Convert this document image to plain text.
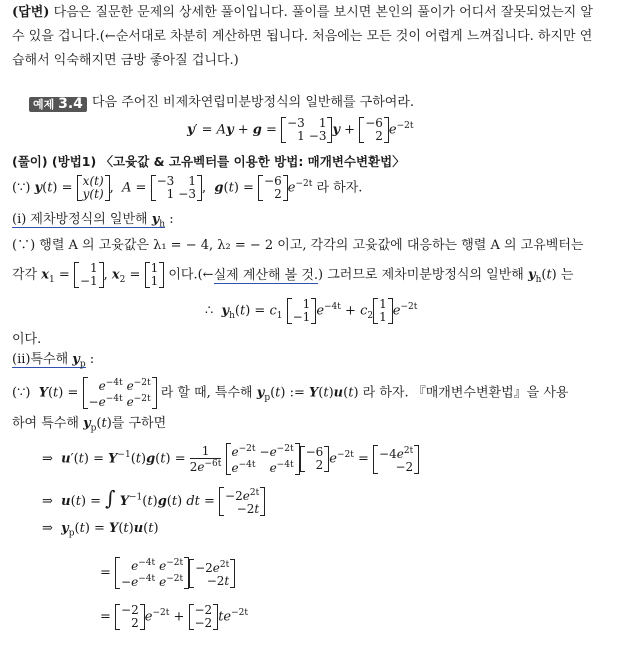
(답변) 다음은 질문한 문제의 상세한 풀이입니다. 풀이를 보시면 본인의 풀이가 어디서 잘못되었는지 알
수 있을 겁니다.(←순서대로 차분히 계산하면 됩니다. 처음에는 모든 것이 어렵게 느껴집니다. 하지만 연
습해서 익숙해지면 금방 좋아질 겁니다.)
예제 3.4 다음 주어진 비제차연립미분방정식의 일반해를 구하여라.
y′ = Ay + g = −3	1
1	−3 y + −6
2 $e^{-2t}$
(풀이) (방법1) 〈고윳값 & 고유벡터를 이용한 방법: 매개변수변환법〉
(∵) y(t) = x(t)
y(t) ,  A = −3	1
1	−3 ,  g(t) = −6
2 $e^{-2t}$ 라 하자.
(i) 제차방정식의 일반해 $y_h$ :
(∵) 행렬 A 의 고윳값은 λ₁ = − 4, λ₂ = − 2 이고, 각각의 고윳값에 대응하는 행렬 A 의 고유벡터는
각각 $x_1 = 1$
−1 , $x_2 = 1$
1 이다.(←실제 계산해 볼 것.) 그러므로 제차미분방정식의 일반해 $y_h(t)$ 는
∴  $y_h(t) = c_1$
1
−1 $e^{-4t} + c_2$
1
1 $e^{-2t}$
이다.
(ii)특수해 $y_p$ :
(∵)  $Y(t) = e^{-4t}$	$e^{-2t}$
$-e^{-4t}$	$e^{-2t}$ 라 할 때, 특수해 $y_p(t)$ := Y(t)u(t) 라 하자. 『매개변수변환법』을 사용
하여 특수해 $y_p(t)$를 구하면
⇒  $u'(t) = Y^{-1}(t)g(t) = \frac{1}{2e^{-6t}}$
$e^{-2t}$	$-e^{-2t}$
$e^{-4t}$	$e^{-4t}$
−6
2 $e^{-2t} = -4e^{2t}$
−2
⇒  u(t) = ∫ $Y^{-1}(t)g(t)$ dt = $-2e^{2t}$
−2t
⇒  $y_p(t) = Y(t)u(t)$
= $e^{-4t}$	$e^{-2t}$
$-e^{-4t}$	$e^{-2t}$
$-2e^{2t}$
−2t
= −2
2 $e^{-2t} + -2$
−2 $te^{-2t}$
